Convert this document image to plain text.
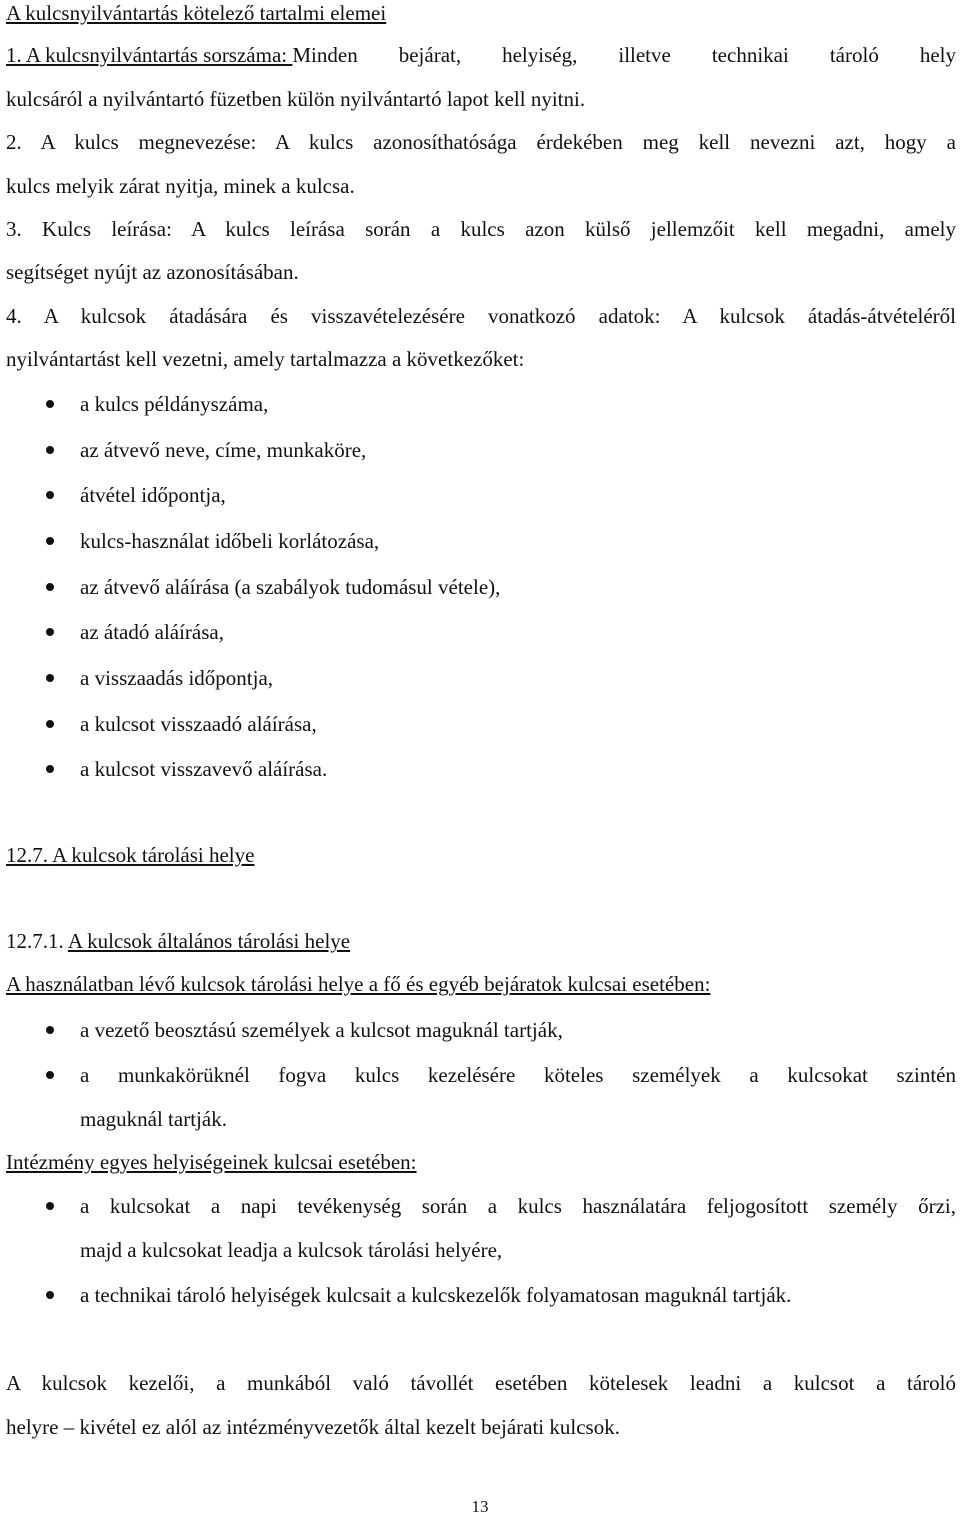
A kulcsnyilvántartás kötelező tartalmi elemei
1. A kulcsnyilvántartás sorszáma: Minden bejárat, helyiség, illetve technikai tároló hely
kulcsáról a nyilvántartó füzetben külön nyilvántartó lapot kell nyitni.
2. A kulcs megnevezése: A kulcs azonosíthatósága érdekében meg kell nevezni azt, hogy a
kulcs melyik zárat nyitja, minek a kulcsa.
3. Kulcs leírása: A kulcs leírása során a kulcs azon külső jellemzőit kell megadni, amely
segítséget nyújt az azonosításában.
4. A kulcsok átadására és visszavételezésére vonatkozó adatok: A kulcsok átadás-átvételéről
nyilvántartást kell vezetni, amely tartalmazza a következőket:
a kulcs példányszáma,
az átvevő neve, címe, munkaköre,
átvétel időpontja,
kulcs-használat időbeli korlátozása,
az átvevő aláírása (a szabályok tudomásul vétele),
az átadó aláírása,
a visszaadás időpontja,
a kulcsot visszaadó aláírása,
a kulcsot visszavevő aláírása.
12.7. A kulcsok tárolási helye
12.7.1. A kulcsok általános tárolási helye
A használatban lévő kulcsok tárolási helye a fő és egyéb bejáratok kulcsai esetében:
a vezető beosztású személyek a kulcsot maguknál tartják,
a munkakörüknél fogva kulcs kezelésére köteles személyek a kulcsokat szintén
maguknál tartják.
Intézmény egyes helyiségeinek kulcsai esetében:
a kulcsokat a napi tevékenység során a kulcs használatára feljogosított személy őrzi,
majd a kulcsokat leadja a kulcsok tárolási helyére,
a technikai tároló helyiségek kulcsait a kulcskezelők folyamatosan maguknál tartják.
A kulcsok kezelői, a munkából való távollét esetében kötelesek leadni a kulcsot a tároló
helyre – kivétel ez alól az intézményvezetők által kezelt bejárati kulcsok.
13
